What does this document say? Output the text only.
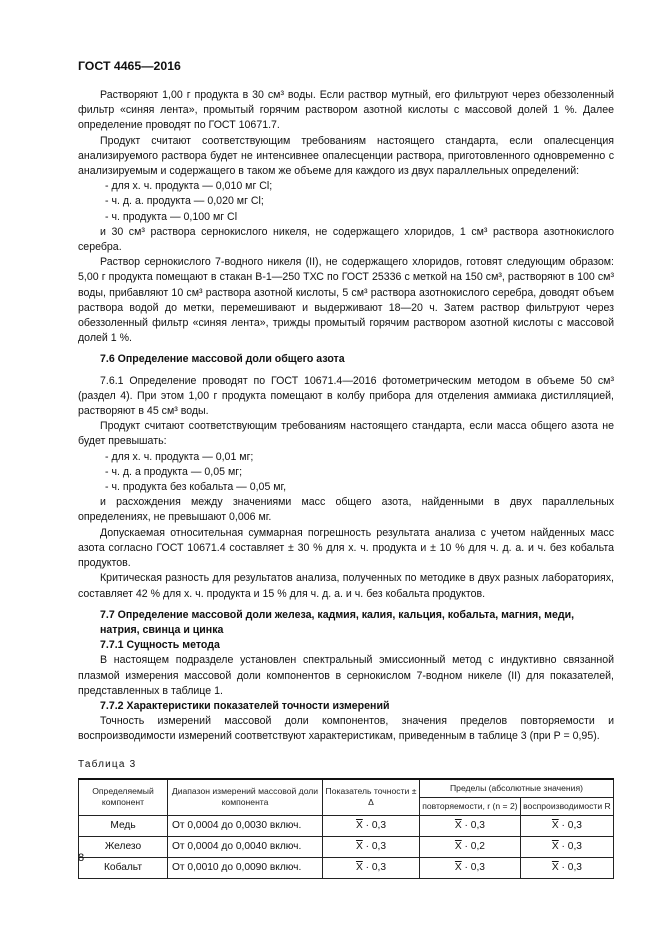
ГОСТ 4465—2016

Растворяют 1,00 г продукта в 30 см³ воды. Если раствор мутный, его фильтруют через обеззоленный фильтр «синяя лента», промытый горячим раствором азотной кислоты с массовой долей 1 %. Далее определение проводят по ГОСТ 10671.7.

Продукт считают соответствующим требованиям настоящего стандарта, если опалесценция анализируемого раствора будет не интенсивнее опалесценции раствора, приготовленного одновременно с анализируемым и содержащего в таком же объеме для каждого из двух параллельных определений:

- для х. ч. продукта — 0,010 мг Cl;

- ч. д. а. продукта — 0,020 мг Cl;

- ч. продукта — 0,100 мг Cl

и 30 см³ раствора сернокислого никеля, не содержащего хлоридов, 1 см³ раствора азотнокислого серебра.

Раствор сернокислого 7-водного никеля (II), не содержащего хлоридов, готовят следующим образом: 5,00 г продукта помещают в стакан В-1—250 ТХС по ГОСТ 25336 с меткой на 150 см³, растворяют в 100 см³ воды, прибавляют 10 см³ раствора азотной кислоты, 5 см³ раствора азотнокислого серебра, доводят объем раствора водой до метки, перемешивают и выдерживают 18—20 ч. Затем раствор фильтруют через обеззоленный фильтр «синяя лента», трижды промытый горячим раствором азотной кислоты с массовой долей 1 %.

7.6 Определение массовой доли общего азота

7.6.1 Определение проводят по ГОСТ 10671.4—2016 фотометрическим методом в объеме 50 см³ (раздел 4). При этом 1,00 г продукта помещают в колбу прибора для отделения аммиака дистилляцией, растворяют в 45 см³ воды.

Продукт считают соответствующим требованиям настоящего стандарта, если масса общего азота не будет превышать:

- для х. ч. продукта — 0,01 мг;

- ч. д. а продукта — 0,05 мг;

- ч. продукта без кобальта — 0,05 мг,

и расхождения между значениями масс общего азота, найденными в двух параллельных определениях, не превышают 0,006 мг.

Допускаемая относительная суммарная погрешность результата анализа с учетом найденных масс азота согласно ГОСТ 10671.4 составляет ± 30 % для х. ч. продукта и ± 10 % для ч. д. а. и ч. без кобальта продуктов.

Критическая разность для результатов анализа, полученных по методике в двух разных лабораториях, составляет 42 % для х. ч. продукта и 15 % для ч. д. а. и ч. без кобальта продуктов.

7.7 Определение массовой доли железа, кадмия, калия, кальция, кобальта, магния, меди, натрия, свинца и цинка

7.7.1 Сущность метода

В настоящем подразделе установлен спектральный эмиссионный метод с индуктивно связанной плазмой измерения массовой доли компонентов в сернокислом 7-водном никеле (II) для показателей, представленных в таблице 1.

7.7.2 Характеристики показателей точности измерений

Точность измерений массовой доли компонентов, значения пределов повторяемости и воспроизводимости измерений соответствуют характеристикам, приведенным в таблице 3 (при P = 0,95).

Таблица 3
Определяемый компонент	Диапазон измерений массовой доли компонента	Показатель точности ± Δ	Пределы (абсолютные значения)	
			повторяемости, r (n = 2)	воспроизводимости R
Медь	От 0,0004 до 0,0030 включ.	$\overline{X} \cdot 0,3$	$\overline{X} \cdot 0,3$	$\overline{X} \cdot 0,3$
Железо	От 0,0004 до 0,0040 включ.	$\overline{X} \cdot 0,3$	$\overline{X} \cdot 0,2$	$\overline{X} \cdot 0,3$
Кобальт	От 0,0010 до 0,0090 включ.	$\overline{X} \cdot 0,3$	$\overline{X} \cdot 0,3$	$\overline{X} \cdot 0,3$
8
